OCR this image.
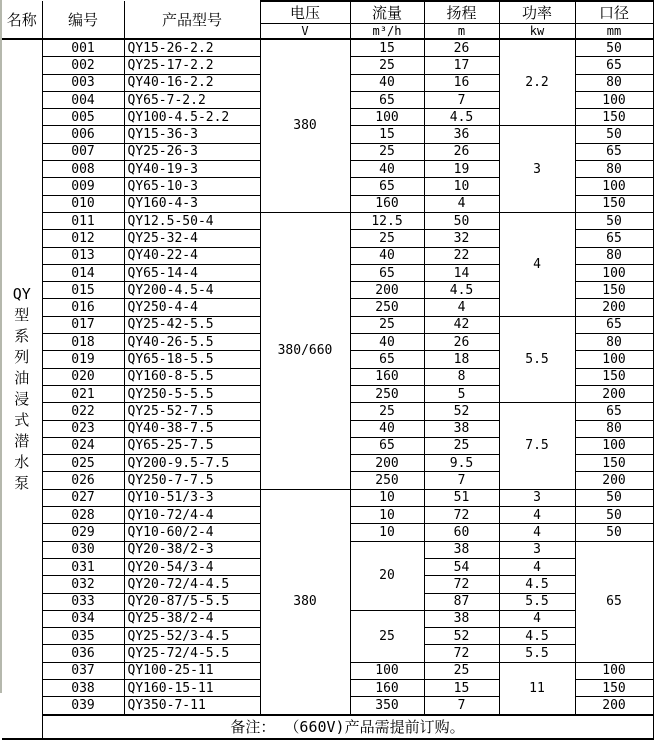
名称	编号	产品型号	电压	流量	扬程	功率	口径
			V	m³/h	m	kw	mm

QY
型
系
列
油
浸
式
潜
水
泵
	001	QY15-26-2.2	380	15	26	2.2	50
	002	QY25-17-2.2		25	17		65
	003	QY40-16-2.2		40	16		80
	004	QY65-7-2.2		65	7		100
	005	QY100-4.5-2.2		100	4.5		150
	006	QY15-36-3		15	36	3	50
	007	QY25-26-3		25	26		65
	008	QY40-19-3		40	19		80
	009	QY65-10-3		65	10		100
	010	QY160-4-3		160	4		150
	011	QY12.5-50-4	380/660	12.5	50	4	50
	012	QY25-32-4		25	32		65
	013	QY40-22-4		40	22		80
	014	QY65-14-4		65	14		100
	015	QY200-4.5-4		200	4.5		150
	016	QY250-4-4		250	4		200
	017	QY25-42-5.5		25	42	5.5	65
	018	QY40-26-5.5		40	26		80
	019	QY65-18-5.5		65	18		100
	020	QY160-8-5.5		160	8		150
	021	QY250-5-5.5		250	5		200
	022	QY25-52-7.5		25	52	7.5	65
	023	QY40-38-7.5		40	38		80
	024	QY65-25-7.5		65	25		100
	025	QY200-9.5-7.5		200	9.5		150
	026	QY250-7-7.5		250	7		200
	027	QY10-51/3-3	380	10	51	3	50
	028	QY10-72/4-4		10	72	4	50
	029	QY10-60/2-4		10	60	4	50
	030	QY20-38/2-3		20	38	3	65
	031	QY20-54/3-4			54	4	
	032	QY20-72/4-4.5			72	4.5	
	033	QY20-87/5-5.5			87	5.5	
	034	QY25-38/2-4		25	38	4	
	035	QY25-52/3-4.5			52	4.5	
	036	QY25-72/4-5.5			72	5.5	
	037	QY100-25-11		100	25	11	100
	038	QY160-15-11		160	15		150
	039	QY350-7-11		350	7		200
	备注： （660V)产品需提前订购。						
